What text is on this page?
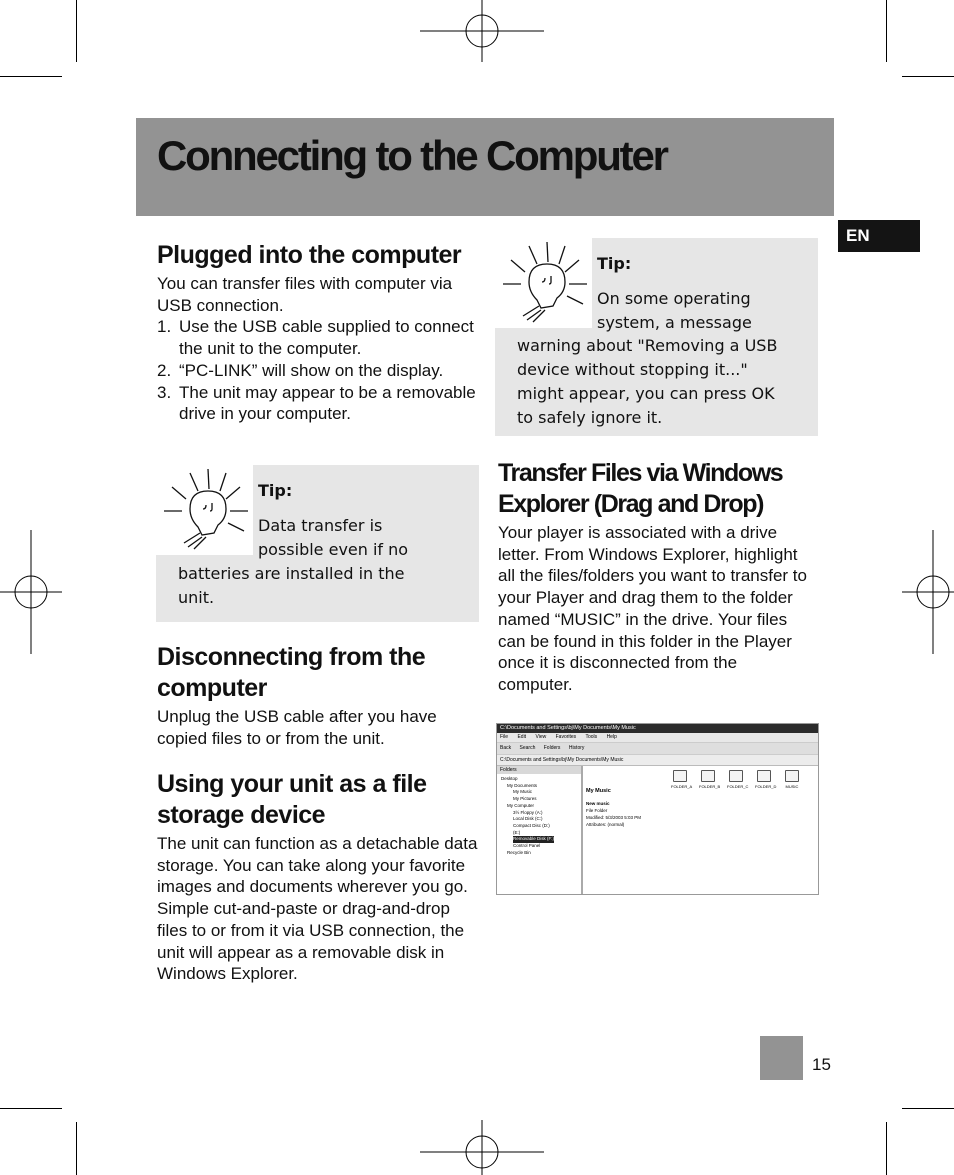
Connecting to the Computer
EN
Plugged into the computer
You can transfer files with computer via USB connection.
1. Use the USB cable supplied to connect the unit to the computer.
2. “PC-LINK” will show on the display.
3. The unit may appear to be a removable drive in your computer.
Tip:
Data transfer is
possible even if no
batteries are installed in the
unit.
Disconnecting from the computer
Unplug the USB cable after you have copied files to or from the unit.
Using your unit as a file storage device
The unit can function as a detachable data storage. You can take along your favorite images and documents wherever you go. Simple cut-and-paste or drag-and-drop files to or from it via USB connection, the unit will appear as a removable disk in Windows Explorer.
Tip:
On some operating
system, a message
warning about "Removing a USB
device without stopping it..."
might appear, you can press OK
to safely ignore it.
Transfer Files via Windows Explorer (Drag and Drop)
Your player is associated with a drive letter. From Windows Explorer, highlight all the files/folders you want to transfer to your Player and drag them to the folder named “MUSIC” in the drive. Your files can be found in this folder in the Player once it is disconnected from the computer.
C:\Documents and Settings\bj\My Documents\My Music
File Edit View Favorites Tools Help
Back Search Folders History
C:\Documents and Settings\bj\My Documents\My Music
Folders
Desktop
My Documents
My Music
My Pictures
My Computer
3½ Floppy (A:)
Local Disk (C:)
Compact Disc (D:)
(E:)
Removable Disk (F:)
Control Panel
Recycle Bin
My Music
New music
File Folder
Modified: 5/3/2003 5:03 PM
Attributes: (normal)
FOLDER_A FOLDER_B FOLDER_C FOLDER_D	MUSIC
15
